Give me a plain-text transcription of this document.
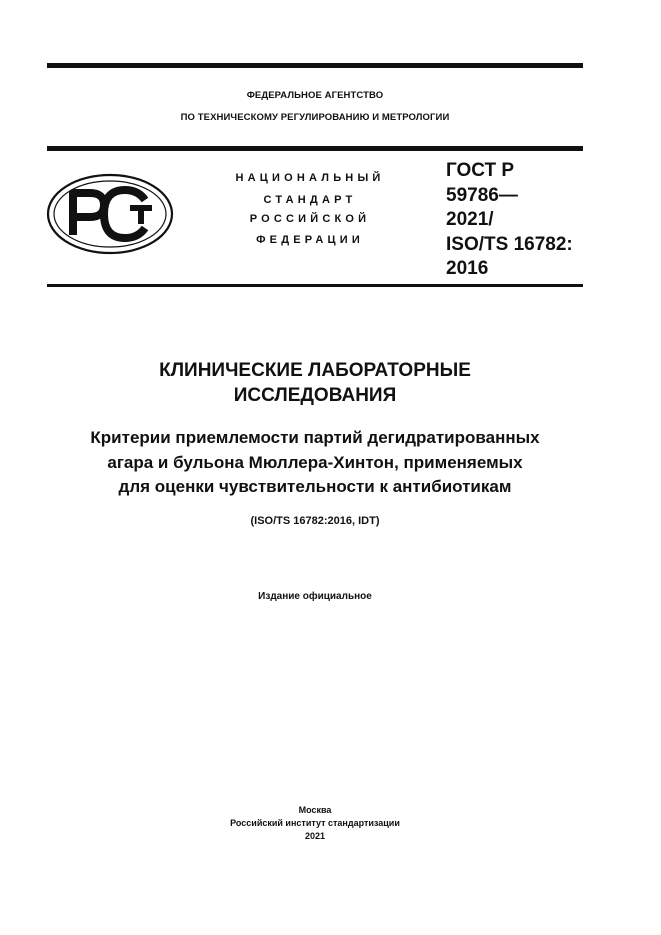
ФЕДЕРАЛЬНОЕ АГЕНТСТВО
ПО ТЕХНИЧЕСКОМУ РЕГУЛИРОВАНИЮ И МЕТРОЛОГИИ
НАЦИОНАЛЬНЫЙ
СТАНДАРТ
РОССИЙСКОЙ
ФЕДЕРАЦИИ
ГОСТ Р
59786—
2021/
ISO/TS 16782:
2016
КЛИНИЧЕСКИЕ ЛАБОРАТОРНЫЕ
ИССЛЕДОВАНИЯ
Критерии приемлемости партий дегидратированных
агара и бульона Мюллера-Хинтон, применяемых
для оценки чувствительности к антибиотикам
(ISO/TS 16782:2016, IDT)
Издание официальное
Москва
Российский институт стандартизации
2021
